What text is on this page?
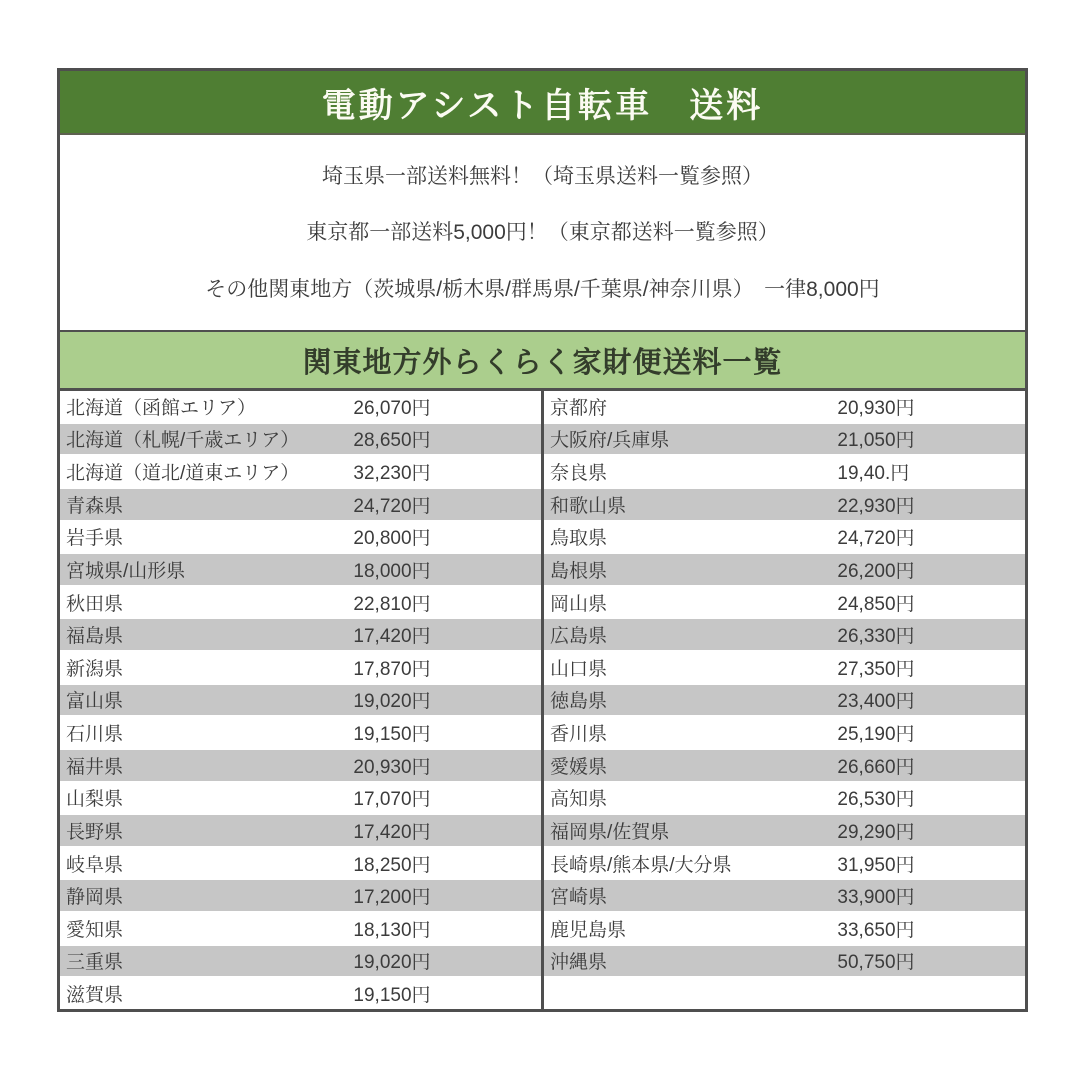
電動アシスト自転車　送料
埼玉県一部送料無料！（埼玉県送料一覧参照）
東京都一部送料5,000円！（東京都送料一覧参照）
その他関東地方（茨城県/栃木県/群馬県/千葉県/神奈川県）　一律8,000円
関東地方外らくらく家財便送料一覧
北海道（函館エリア）	26,070円
北海道（札幌/千歳エリア）	28,650円
北海道（道北/道東エリア）	32,230円
青森県	24,720円
岩手県	20,800円
宮城県/山形県	18,000円
秋田県	22,810円
福島県	17,420円
新潟県	17,870円
富山県	19,020円
石川県	19,150円
福井県	20,930円
山梨県	17,070円
長野県	17,420円
岐阜県	18,250円
静岡県	17,200円
愛知県	18,130円
三重県	19,020円
滋賀県	19,150円
京都府	20,930円
大阪府/兵庫県	21,050円
奈良県	19,40.円
和歌山県	22,930円
鳥取県	24,720円
島根県	26,200円
岡山県	24,850円
広島県	26,330円
山口県	27,350円
徳島県	23,400円
香川県	25,190円
愛媛県	26,660円
高知県	26,530円
福岡県/佐賀県	29,290円
長崎県/熊本県/大分県	31,950円
宮崎県	33,900円
鹿児島県	33,650円
沖縄県	50,750円
